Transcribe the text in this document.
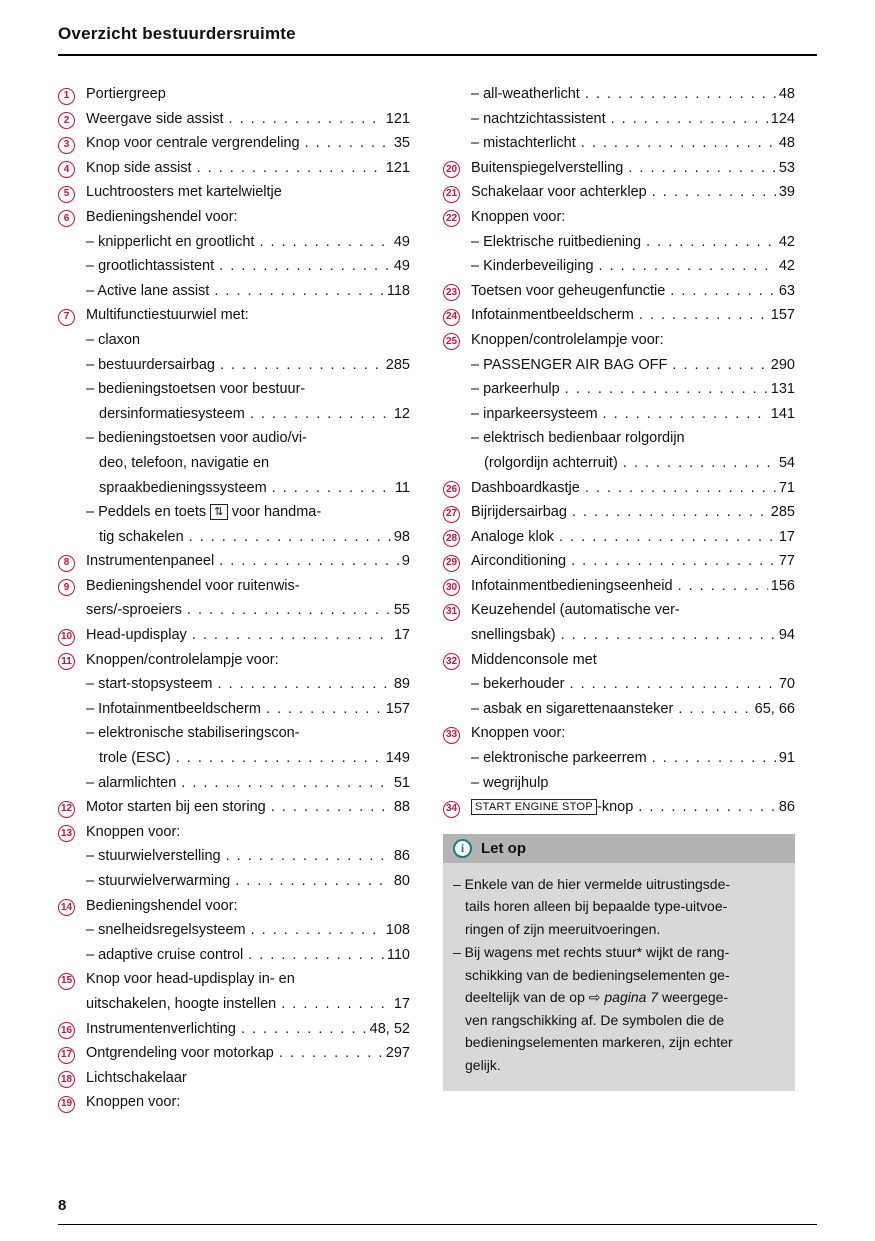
Overzicht bestuurdersruimte
1	Portiergreep
2	Weergave side assist . . .	121
3	Knop voor centrale vergrendeling . . .	35
4	Knop side assist . . .	121
5	Luchtroosters met kartelwieltje
6	Bedieningshendel voor:
– knipperlicht en grootlicht . . .	49
– grootlichtassistent . . .	49
– Active lane assist . . .	118
7	Multifunctiestuurwiel met:
– claxon
– bestuurdersairbag . . .	285
– bedieningstoetsen voor bestuur-
dersinformatiesysteem . . .	12
– bedieningstoetsen voor audio/vi-
deo, telefoon, navigatie en
spraakbedieningssysteem . . .	11
– Peddels en toets ⇅ voor handma-
tig schakelen . . .	98
8	Instrumentenpaneel . . .	9
9	Bedieningshendel voor ruitenwis-
sers/-sproeiers . . .	55
10 Head-updisplay . . .	17
11 Knoppen/controlelampje voor:
– start-stopsysteem . . .	89
– Infotainmentbeeldscherm . . .	157
– elektronische stabiliseringscon-
trole (ESC) . . .	149
– alarmlichten . . .	51
12 Motor starten bij een storing . . .	88
13 Knoppen voor:
– stuurwielverstelling . . .	86
– stuurwielverwarming . . .	80
14 Bedieningshendel voor:
– snelheidsregelsysteem . . .	108
– adaptive cruise control . . .	110
15 Knop voor head-updisplay in- en
uitschakelen, hoogte instellen . . .	17
16 Instrumentenverlichting . . .	48, 52
17 Ontgrendeling voor motorkap . . .	297
18 Lichtschakelaar
19 Knoppen voor:
– all-weatherlicht . . .	48
– nachtzichtassistent . . .	124
– mistachterlicht . . .	48
20 Buitenspiegelverstelling . . .	53
21 Schakelaar voor achterklep . . .	39
22 Knoppen voor:
– Elektrische ruitbediening . . .	42
– Kinderbeveiliging . . .	42
23 Toetsen voor geheugenfunctie . . .	63
24 Infotainmentbeeldscherm . . .	157
25 Knoppen/controlelampje voor:
– PASSENGER AIR BAG OFF . . .	290
– parkeerhulp . . .	131
– inparkeersysteem . . .	141
– elektrisch bedienbaar rolgordijn
(rolgordijn achterruit) . . .	54
26 Dashboardkastje . . .	71
27 Bijrijdersairbag . . .	285
28 Analoge klok . . .	17
29 Airconditioning . . .	77
30 Infotainmentbedieningseenheid . . .	156
31 Keuzehendel (automatische ver-
snellingsbak) . . .	94
32 Middenconsole met
– bekerhouder . . .	70
– asbak en sigarettenaansteker . . .	65, 66
33 Knoppen voor:
– elektronische parkeerrem . . .	91
– wegrijhulp
34	START ENGINE STOP -knop . . .	86
i	Let op
– Enkele van de hier vermelde uitrustingsde-
tails horen alleen bij bepaalde type-uitvoe-
ringen of zijn meeruitvoeringen.
– Bij wagens met rechts stuur* wijkt de rang-
schikking van de bedieningselementen ge-
deeltelijk van de op ⇨ pagina 7 weergege-
ven rangschikking af. De symbolen die de
bedieningselementen markeren, zijn echter
gelijk.
8
